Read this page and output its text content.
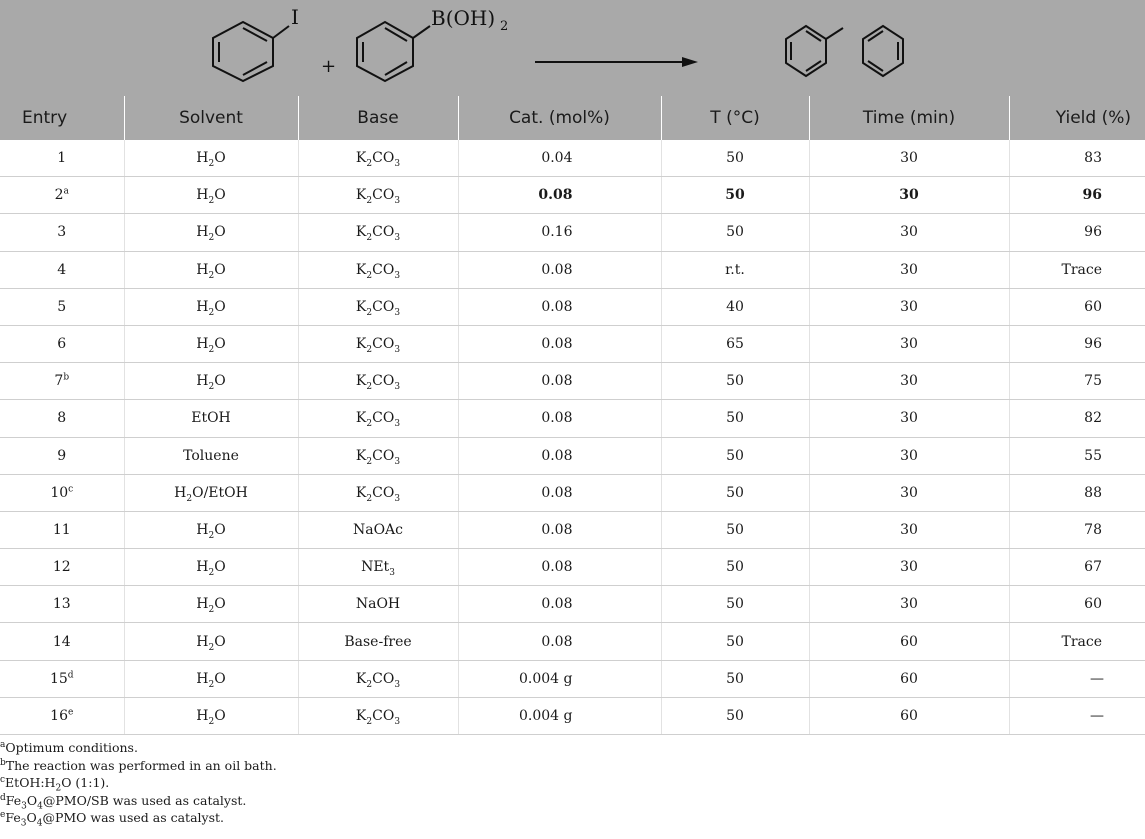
I
+
B(OH) 2
Entry	Solvent	Base	Cat. (mol%)	T (°C)	Time (min)	Yield (%)
1	$H_2O$	$K_2CO_3$	0.04	50	30	83
2$^a$	$H_2O$	$K_2CO_3$	0.08	50	30	96
3	$H_2O$	$K_2CO_3$	0.16	50	30	96
4	$H_2O$	$K_2CO_3$	0.08	r.t.	30	Trace
5	$H_2O$	$K_2CO_3$	0.08	40	30	60
6	$H_2O$	$K_2CO_3$	0.08	65	30	96
7$^b$	$H_2O$	$K_2CO_3$	0.08	50	30	75
8	EtOH	$K_2CO_3$	0.08	50	30	82
9	Toluene	$K_2CO_3$	0.08	50	30	55
10$^c$	$H_2O$/EtOH	$K_2CO_3$	0.08	50	30	88
11	$H_2O$	NaOAc	0.08	50	30	78
12	$H_2O$	NEt$_3$	0.08	50	30	67
13	$H_2O$	NaOH	0.08	50	30	60
14	$H_2O$	Base-free	0.08	50	60	Trace
15$^d$	$H_2O$	$K_2CO_3$	0.004 g	50	60	—
16e	$H_2O$	$K_2CO_3$	0.004 g	50	60	—
$^a$Optimum conditions.
$^b$The reaction was performed in an oil bath.
$^cEtOH:H_2O$ (1:1).
$^dFe_3O_4@PMO/SB$ was used as catalyst.
$^eFe_3O_4@PMO$ was used as catalyst.
